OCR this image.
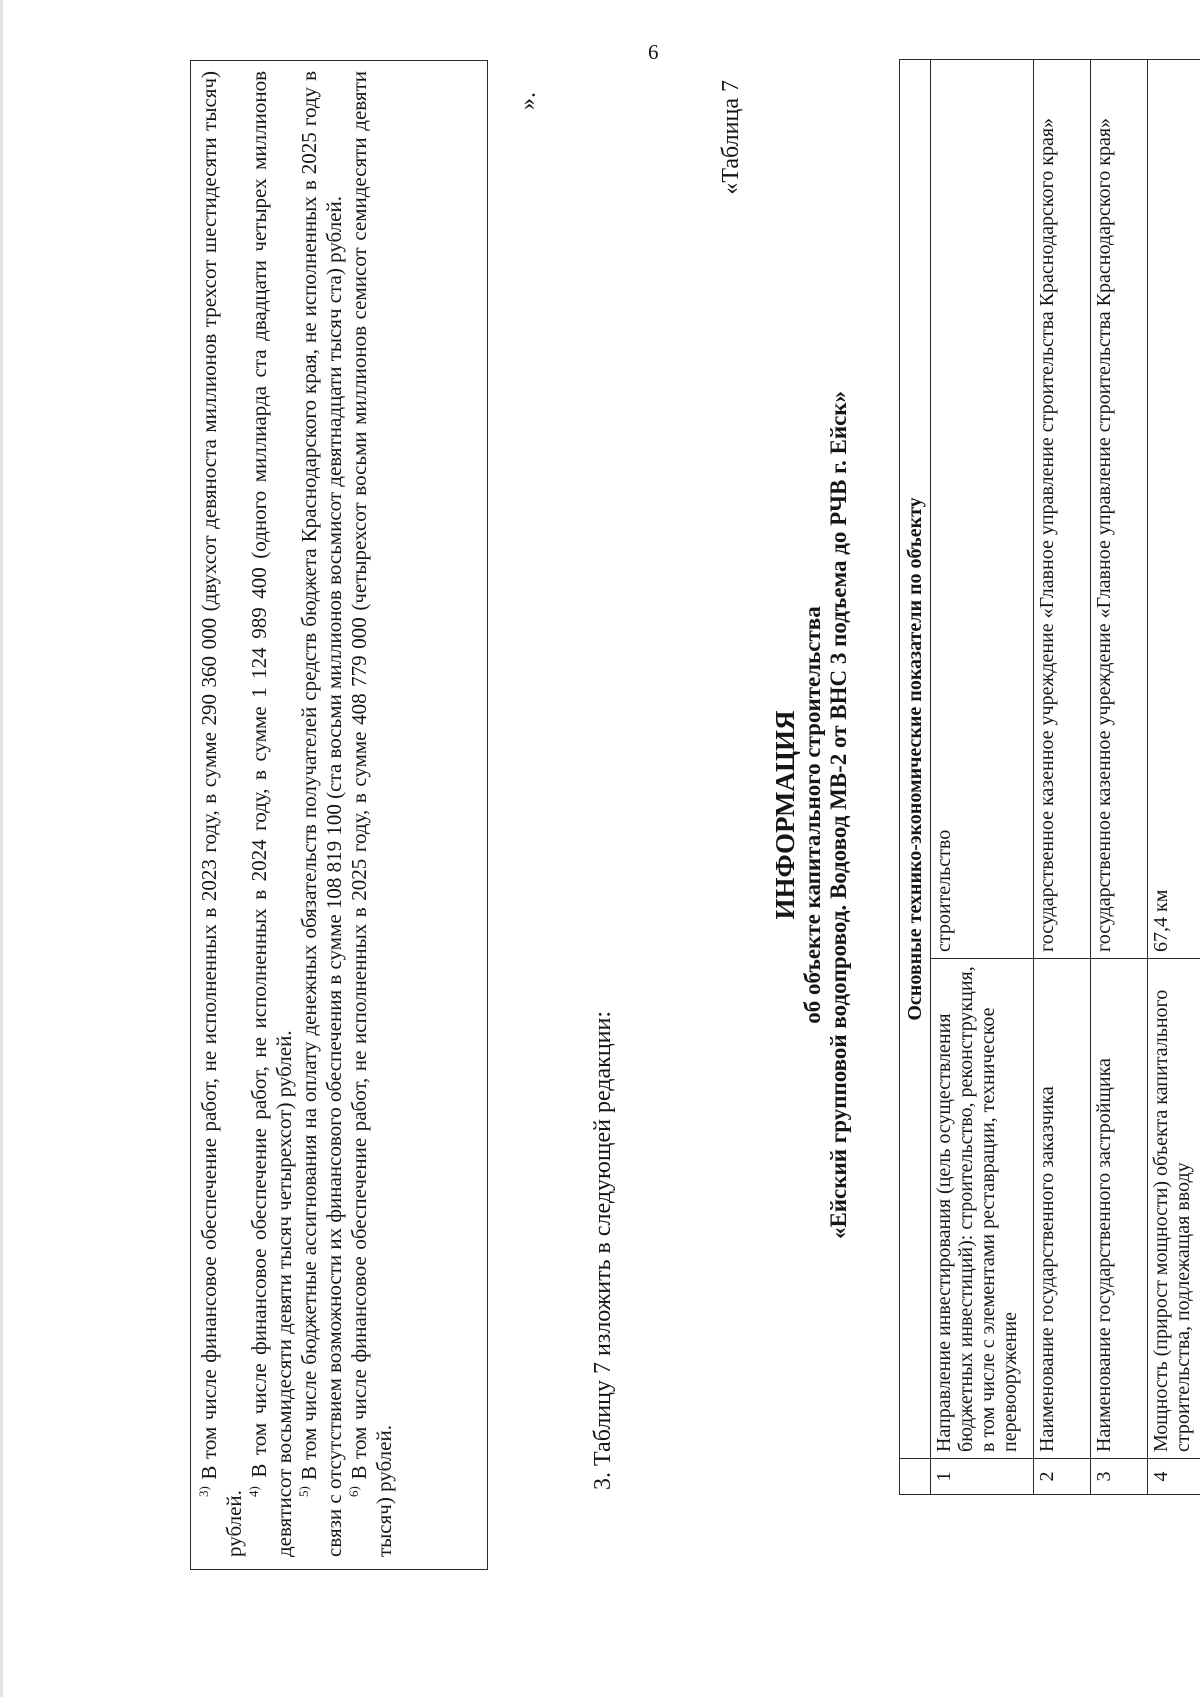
6

$^{3)}$ В том числе финансовое обеспечение работ, не исполненных в 2023 году, в сумме 290 360 000 (двухсот девяноста миллионов трехсот шестидесяти тысяч) рублей. $^{4)}$ В том числе финансовое обеспечение работ, не исполненных в 2024 году, в сумме 1 124 989 400 (одного миллиарда ста двадцати четырех миллионов девятисот восьмидесяти девяти тысяч четырехсот) рублей. $^{5)}$ В том числе бюджетные ассигнования на оплату денежных обязательств получателей средств бюджета Краснодарского края, не исполненных в 2025 году в связи с отсутствием возможности их финансового обеспечения в сумме 108 819 100 (ста восьми миллионов восьмисот девятнадцати тысяч ста) рублей. $^{6)}$ В том числе финансовое обеспечение работ, не исполненных в 2025 году, в сумме 408 779 000 (четырехсот восьми миллионов семисот семидесяти девяти тысяч) рублей.

».
3. Таблицу 7 изложить в следующей редакции:
«Таблица 7
ИНФОРМАЦИЯ об объекте капитального строительства «Ейский групповой водопровод. Водовод МВ-2 от ВНС 3 подъема до РЧВ г. Ейск»
		Основные технико-экономические показатели по объекту	
1	Направление инвестирования (цель осуществления бюджетных инвестиций): строительство, реконструкция, в том числе с элементами реставрации, техническое перевооружение	строительство
2	Наименование государственного заказчика	государственное казенное учреждение «Главное управление строительства Краснодарского края»
3	Наименование государственного застройщика	государственное казенное учреждение «Главное управление строительства Краснодарского края»
4	Мощность (прирост мощности) объекта капитального строительства, подлежащая вводу	67,4 км
